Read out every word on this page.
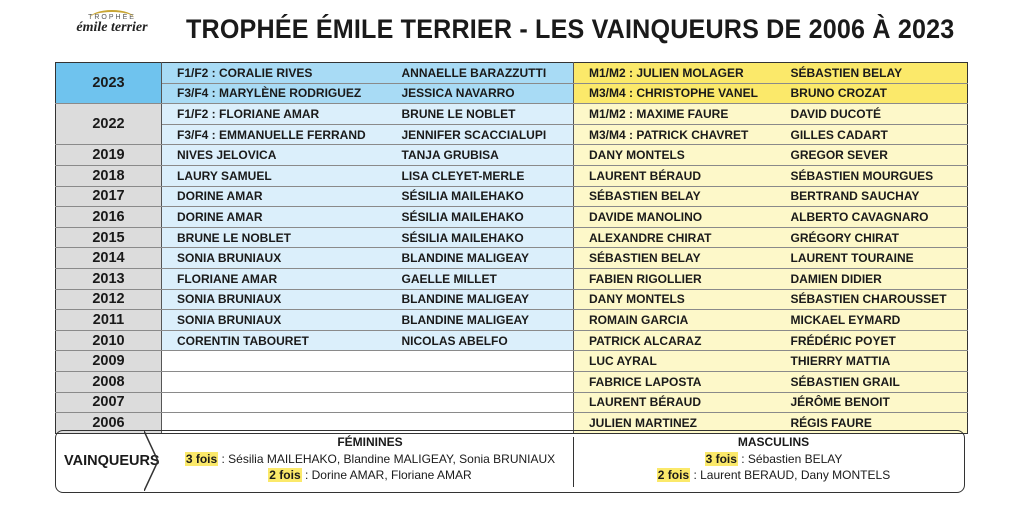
TROPHÉE
émile terrier TROPHÉE ÉMILE TERRIER - LES VAINQUEURS DE 2006 À 2023
2023	F1/F2 : CORALIE RIVES	ANNAELLE BARAZZUTTI	M1/M2 : JULIEN MOLAGER	SÉBASTIEN BELAY
	F3/F4 : MARYLÈNE RODRIGUEZ	JESSICA NAVARRO	M3/M4 : CHRISTOPHE VANEL	BRUNO CROZAT
2022	F1/F2 : FLORIANE AMAR	BRUNE LE NOBLET	M1/M2 : MAXIME FAURE	DAVID DUCOTÉ
	F3/F4 : EMMANUELLE FERRAND	JENNIFER SCACCIALUPI	M3/M4 : PATRICK CHAVRET	GILLES CADART
2019	NIVES JELOVICA	TANJA GRUBISA	DANY MONTELS	GREGOR SEVER
2018	LAURY SAMUEL	LISA CLEYET-MERLE	LAURENT BÉRAUD	SÉBASTIEN MOURGUES
2017	DORINE AMAR	SÉSILIA MAILEHAKO	SÉBASTIEN BELAY	BERTRAND SAUCHAY
2016	DORINE AMAR	SÉSILIA MAILEHAKO	DAVIDE MANOLINO	ALBERTO CAVAGNARO
2015	BRUNE LE NOBLET	SÉSILIA MAILEHAKO	ALEXANDRE CHIRAT	GRÉGORY CHIRAT
2014	SONIA BRUNIAUX	BLANDINE MALIGEAY	SÉBASTIEN BELAY	LAURENT TOURAINE
2013	FLORIANE AMAR	GAELLE MILLET	FABIEN RIGOLLIER	DAMIEN DIDIER
2012	SONIA BRUNIAUX	BLANDINE MALIGEAY	DANY MONTELS	SÉBASTIEN CHAROUSSET
2011	SONIA BRUNIAUX	BLANDINE MALIGEAY	ROMAIN GARCIA	MICKAEL EYMARD
2010	CORENTIN TABOURET	NICOLAS ABELFO	PATRICK ALCARAZ	FRÉDÉRIC POYET
2009			LUC AYRAL	THIERRY MATTIA
2008			FABRICE LAPOSTA	SÉBASTIEN GRAIL
2007			LAURENT BÉRAUD	JÉRÔME BENOIT
2006			JULIEN MARTINEZ	RÉGIS FAURE
VAINQUEURS
FÉMININES
3 fois : Sésilia MAILEHAKO, Blandine MALIGEAY, Sonia BRUNIAUX
2 fois : Dorine AMAR, Floriane AMAR
MASCULINS
3 fois : Sébastien BELAY
2 fois : Laurent BERAUD, Dany MONTELS
